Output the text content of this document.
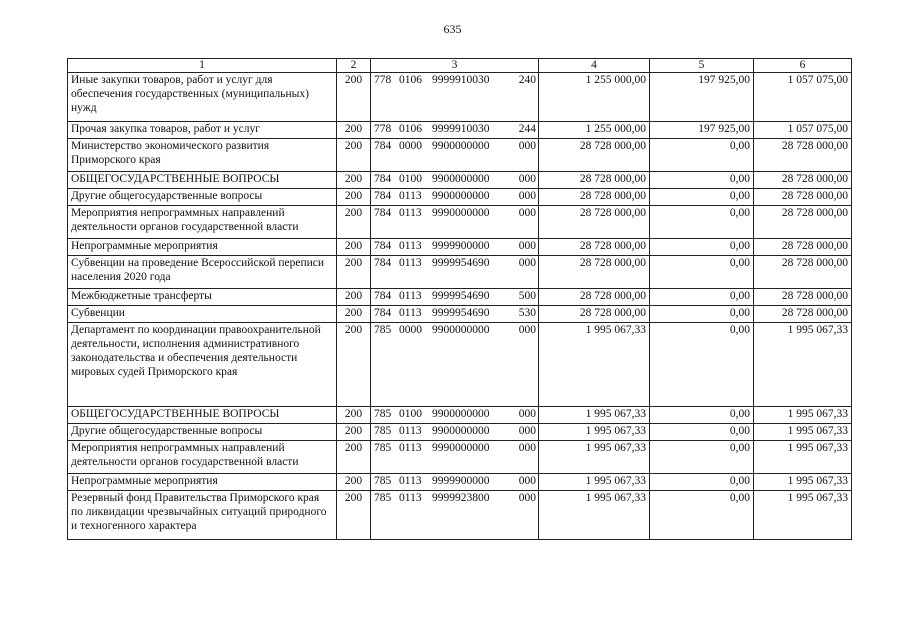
635
1	2	3	4	5	6
Иные закупки товаров, работ и услуг для обеспечения государственных (муниципальных) нужд	200	778 0106 9999910030 240	1 255 000,00	197 925,00	1 057 075,00
Прочая закупка товаров, работ и услуг	200	778 0106 9999910030 244	1 255 000,00	197 925,00	1 057 075,00
Министерство экономического развития Приморского края	200	784 0000 9900000000 000	28 728 000,00	0,00	28 728 000,00
ОБЩЕГОСУДАРСТВЕННЫЕ ВОПРОСЫ	200	784 0100 9900000000 000	28 728 000,00	0,00	28 728 000,00
Другие общегосударственные вопросы	200	784 0113 9900000000 000	28 728 000,00	0,00	28 728 000,00
Мероприятия непрограммных направлений деятельности органов государственной власти	200	784 0113 9990000000 000	28 728 000,00	0,00	28 728 000,00
Непрограммные мероприятия	200	784 0113 9999900000 000	28 728 000,00	0,00	28 728 000,00
Субвенции на проведение Всероссийской переписи населения 2020 года	200	784 0113 9999954690 000	28 728 000,00	0,00	28 728 000,00
Межбюджетные трансферты	200	784 0113 9999954690 500	28 728 000,00	0,00	28 728 000,00
Субвенции	200	784 0113 9999954690 530	28 728 000,00	0,00	28 728 000,00
Департамент по координации правоохранительной деятельности, исполнения административного законодательства и обеспечения деятельности мировых судей Приморского края	200	785 0000 9900000000 000	1 995 067,33	0,00	1 995 067,33
ОБЩЕГОСУДАРСТВЕННЫЕ ВОПРОСЫ	200	785 0100 9900000000 000	1 995 067,33	0,00	1 995 067,33
Другие общегосударственные вопросы	200	785 0113 9900000000 000	1 995 067,33	0,00	1 995 067,33
Мероприятия непрограммных направлений деятельности органов государственной власти	200	785 0113 9990000000 000	1 995 067,33	0,00	1 995 067,33
Непрограммные мероприятия	200	785 0113 9999900000 000	1 995 067,33	0,00	1 995 067,33
Резервный фонд Правительства Приморского края по ликвидации чрезвычайных ситуаций природного и техногенного характера	200	785 0113 9999923800 000	1 995 067,33	0,00	1 995 067,33
